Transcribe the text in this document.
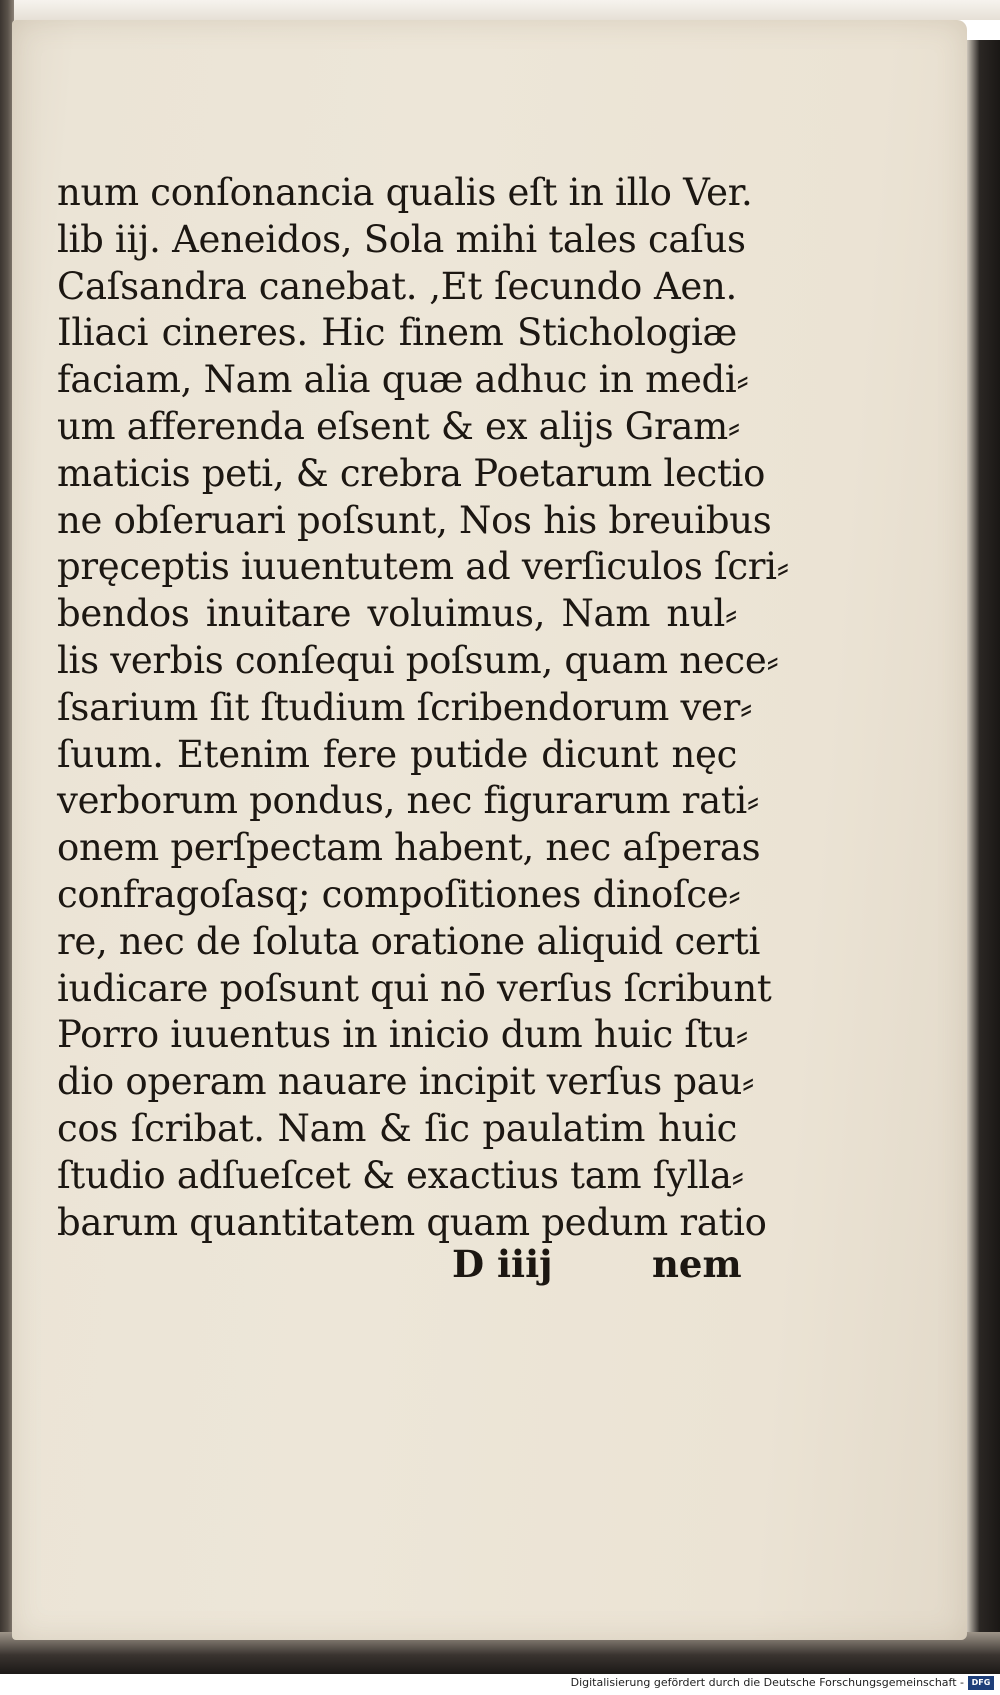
num conſonancia qualis eſt in illo Ver.
lib iij. Aeneidos, Sola mihi tales caſus
Caſsandra canebat. ,Et ſecundo Aen.
Iliaci cineres. Hic finem Stichologiæ
faciam, Nam alia quæ adhuc in medi⸗
um afferenda eſsent & ex alijs Gram⸗
maticis peti, & crebra Poetarum lectio
ne obſeruari poſsunt, Nos his breuibus
pręceptis iuuentutem ad verſiculos ſcri⸗
bendos inuitare voluimus, Nam nul⸗
lis verbis conſequi poſsum, quam nece⸗
ſsarium ſit ſtudium ſcribendorum ver⸗
ſuum. Etenim fere putide dicunt nęc
verborum pondus, nec figurarum rati⸗
onem perſpectam habent, nec aſperas
confragoſasq; compoſitiones dinoſce⸗
re, nec de ſoluta oratione aliquid certi
iudicare poſsunt qui nō verſus ſcribunt
Porro iuuentus in inicio dum huic ſtu⸗
dio operam nauare incipit verſus pau⸗
cos ſcribat. Nam & ſic paulatim huic
ſtudio adſueſcet & exactius tam ſylla⸗
barum quantitatem quam pedum ratio
D iiij	nem
Digitalisierung gefördert durch die Deutsche Forschungsgemeinschaft - DFG
